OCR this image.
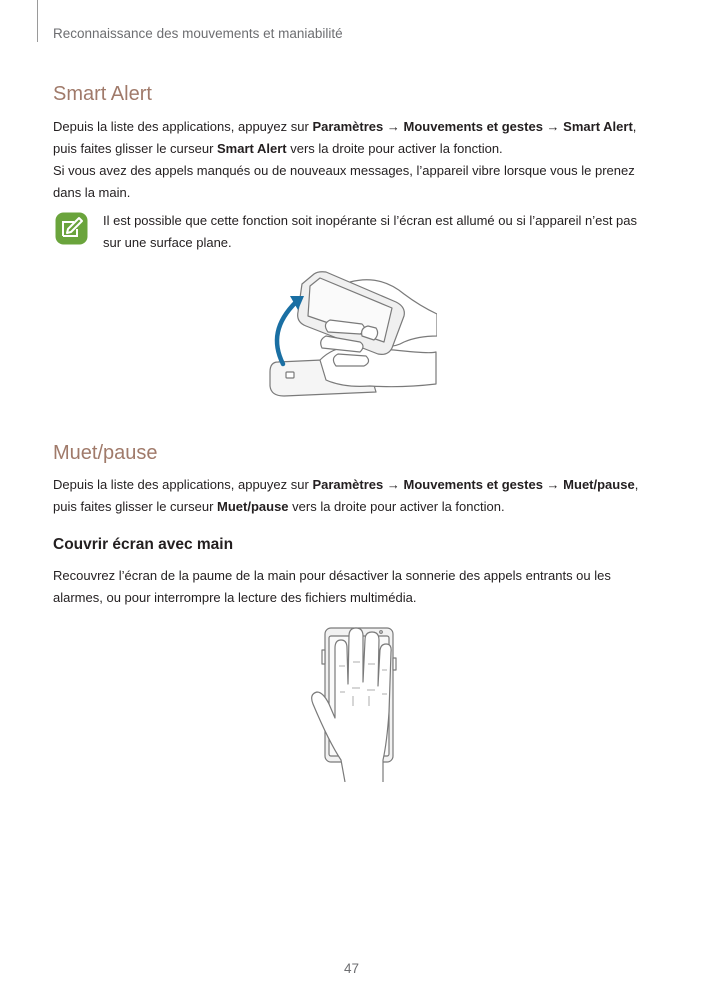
Reconnaissance des mouvements et maniabilité
Smart Alert

Depuis la liste des applications, appuyez sur Paramètres → Mouvements et gestes → Smart Alert, puis faites glisser le curseur Smart Alert vers la droite pour activer la fonction.

Si vous avez des appels manqués ou de nouveaux messages, l’appareil vibre lorsque vous le prenez dans la main.

Il est possible que cette fonction soit inopérante si l’écran est allumé ou si l’appareil n’est pas sur une surface plane.

Muet/pause

Depuis la liste des applications, appuyez sur Paramètres → Mouvements et gestes → Muet/pause, puis faites glisser le curseur Muet/pause vers la droite pour activer la fonction.

Couvrir écran avec main

Recouvrez l’écran de la paume de la main pour désactiver la sonnerie des appels entrants ou les alarmes, ou pour interrompre la lecture des fichiers multimédia.

47
